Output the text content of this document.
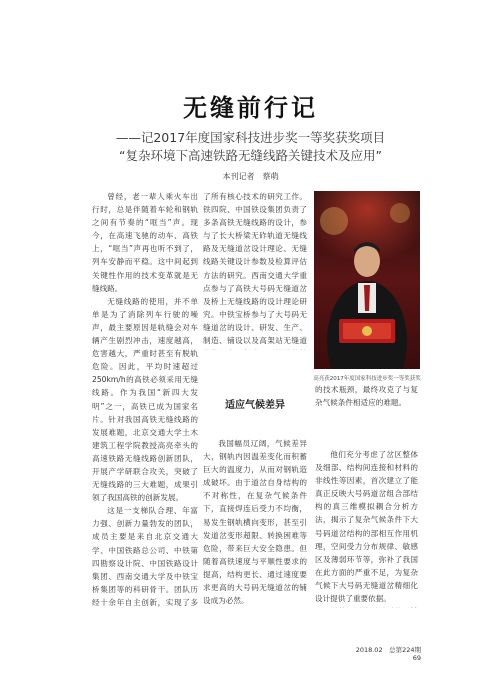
无缝前行记
——记2017年度国家科技进步奖一等奖获奖项目
“复杂环境下高速铁路无缝线路关键技术及应用”
本刊记者　蔡萌

曾经，老一辈人乘火车出行时，总是伴随着车轮和钢轨之间有节奏的“哐当”声。现今，在高速飞驰的动车、高铁上，“哐当”声再也听不到了，列车安静而平稳。这中间起到关键性作用的技术变革就是无缝线路。

无缝线路的使用，并不单单是为了消除列车行驶的噪声，最主要原因是轨缝会对车辆产生剧烈冲击，速度越高，危害越大，严重时甚至有脱轨危险。因此，平均时速超过250km/h的高铁必须采用无缝线路。作为我国“新四大发明”之一，高铁已成为国家名片。针对我国高铁无缝线路的发展难题，北京交通大学土木建筑工程学院教授高亮牵头的高速铁路无缝线路创新团队，开展产学研联合攻关，突破了无缝线路的三大难题，成果引领了我国高铁的创新发展。

这是一支梯队合理、年富力强、创新力量勃发的团队，成员主要是来自北京交通大学、中国铁路总公司、中铁第四勘察设计院、中国铁路设计集团、西南交通大学及中铁宝桥集团等的科研骨干。团队历经十余年自主创新，实现了多

了所有核心技术的研究工作。铁四院、中国铁设集团负责了多条高铁无缝线路的设计，参与了长大桥梁无砟轨道无缝线路及无缝道岔设计理论、无缝线路关键设计参数及检算评估方法的研究。西南交通大学重点参与了高铁大号码无缝道岔及桥上无缝线路的设计理论研究。中铁宝桥参与了大号码无缝道岔的设计、研发、生产、制造、铺设以及高架站无缝道

适应气候差异

我国幅员辽阔，气候差异大，钢轨内因温差变化而积蓄巨大的温度力，从而对钢轨造成破坏。由于道岔自身结构的不对称性，在复杂气候条件下，直接焊连后受力不均衡，易发生钢轨横向变形，甚至引发道岔变形超限、转换困难等危险，带来巨大安全隐患。但随着高铁速度与平顺性要求的提高，结构更长、通过速度要求更高的大号码无缝道岔的铺设成为必然。

高亮获2017年度国家科技进步奖一等奖获奖

的技术瓶颈，最终攻克了与复杂气候条件相适应的难题。

他们充分考虑了岔区整体及细部、结构间连接和材料的非线性等因素，首次建立了能真正反映大号码道岔组合部结构的真三维模拟耦合分析方法，揭示了复杂气候条件下大号码道岔结构的部相互作用机理，空间受力分布规律、敏感区及薄弱环节等，弥补了我国在此方面的严重不足，为复杂气候下大号码无缝道岔精细化设计提供了重要依据。

2018.02　总第224期　69
